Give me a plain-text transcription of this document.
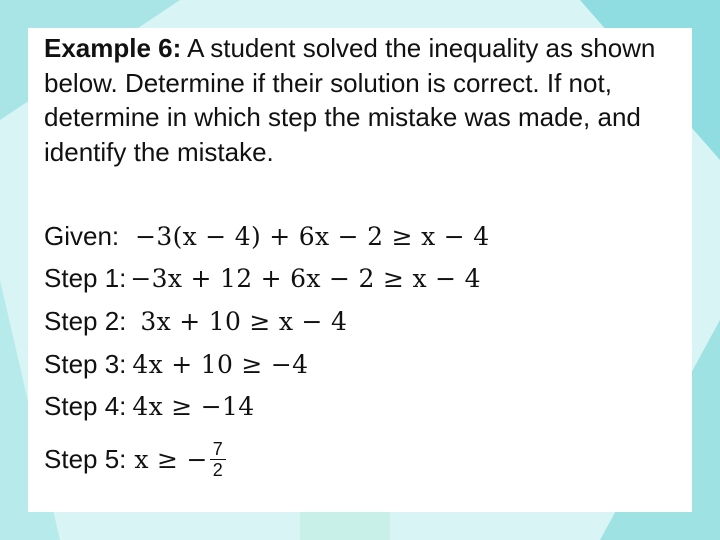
Example 6: A student solved the inequality as shown below. Determine if their solution is correct. If not, determine in which step the mistake was made, and identify the mistake.
Given: −3(x − 4) + 6x − 2 ≥ x − 4
Step 1: −3x + 12 + 6x − 2 ≥ x − 4
Step 2: 3x + 10 ≥ x − 4
Step 3: 4x + 10 ≥ −4
Step 4: 4x ≥ −14
Step 5: x ≥ − $\frac{7}{2}$
